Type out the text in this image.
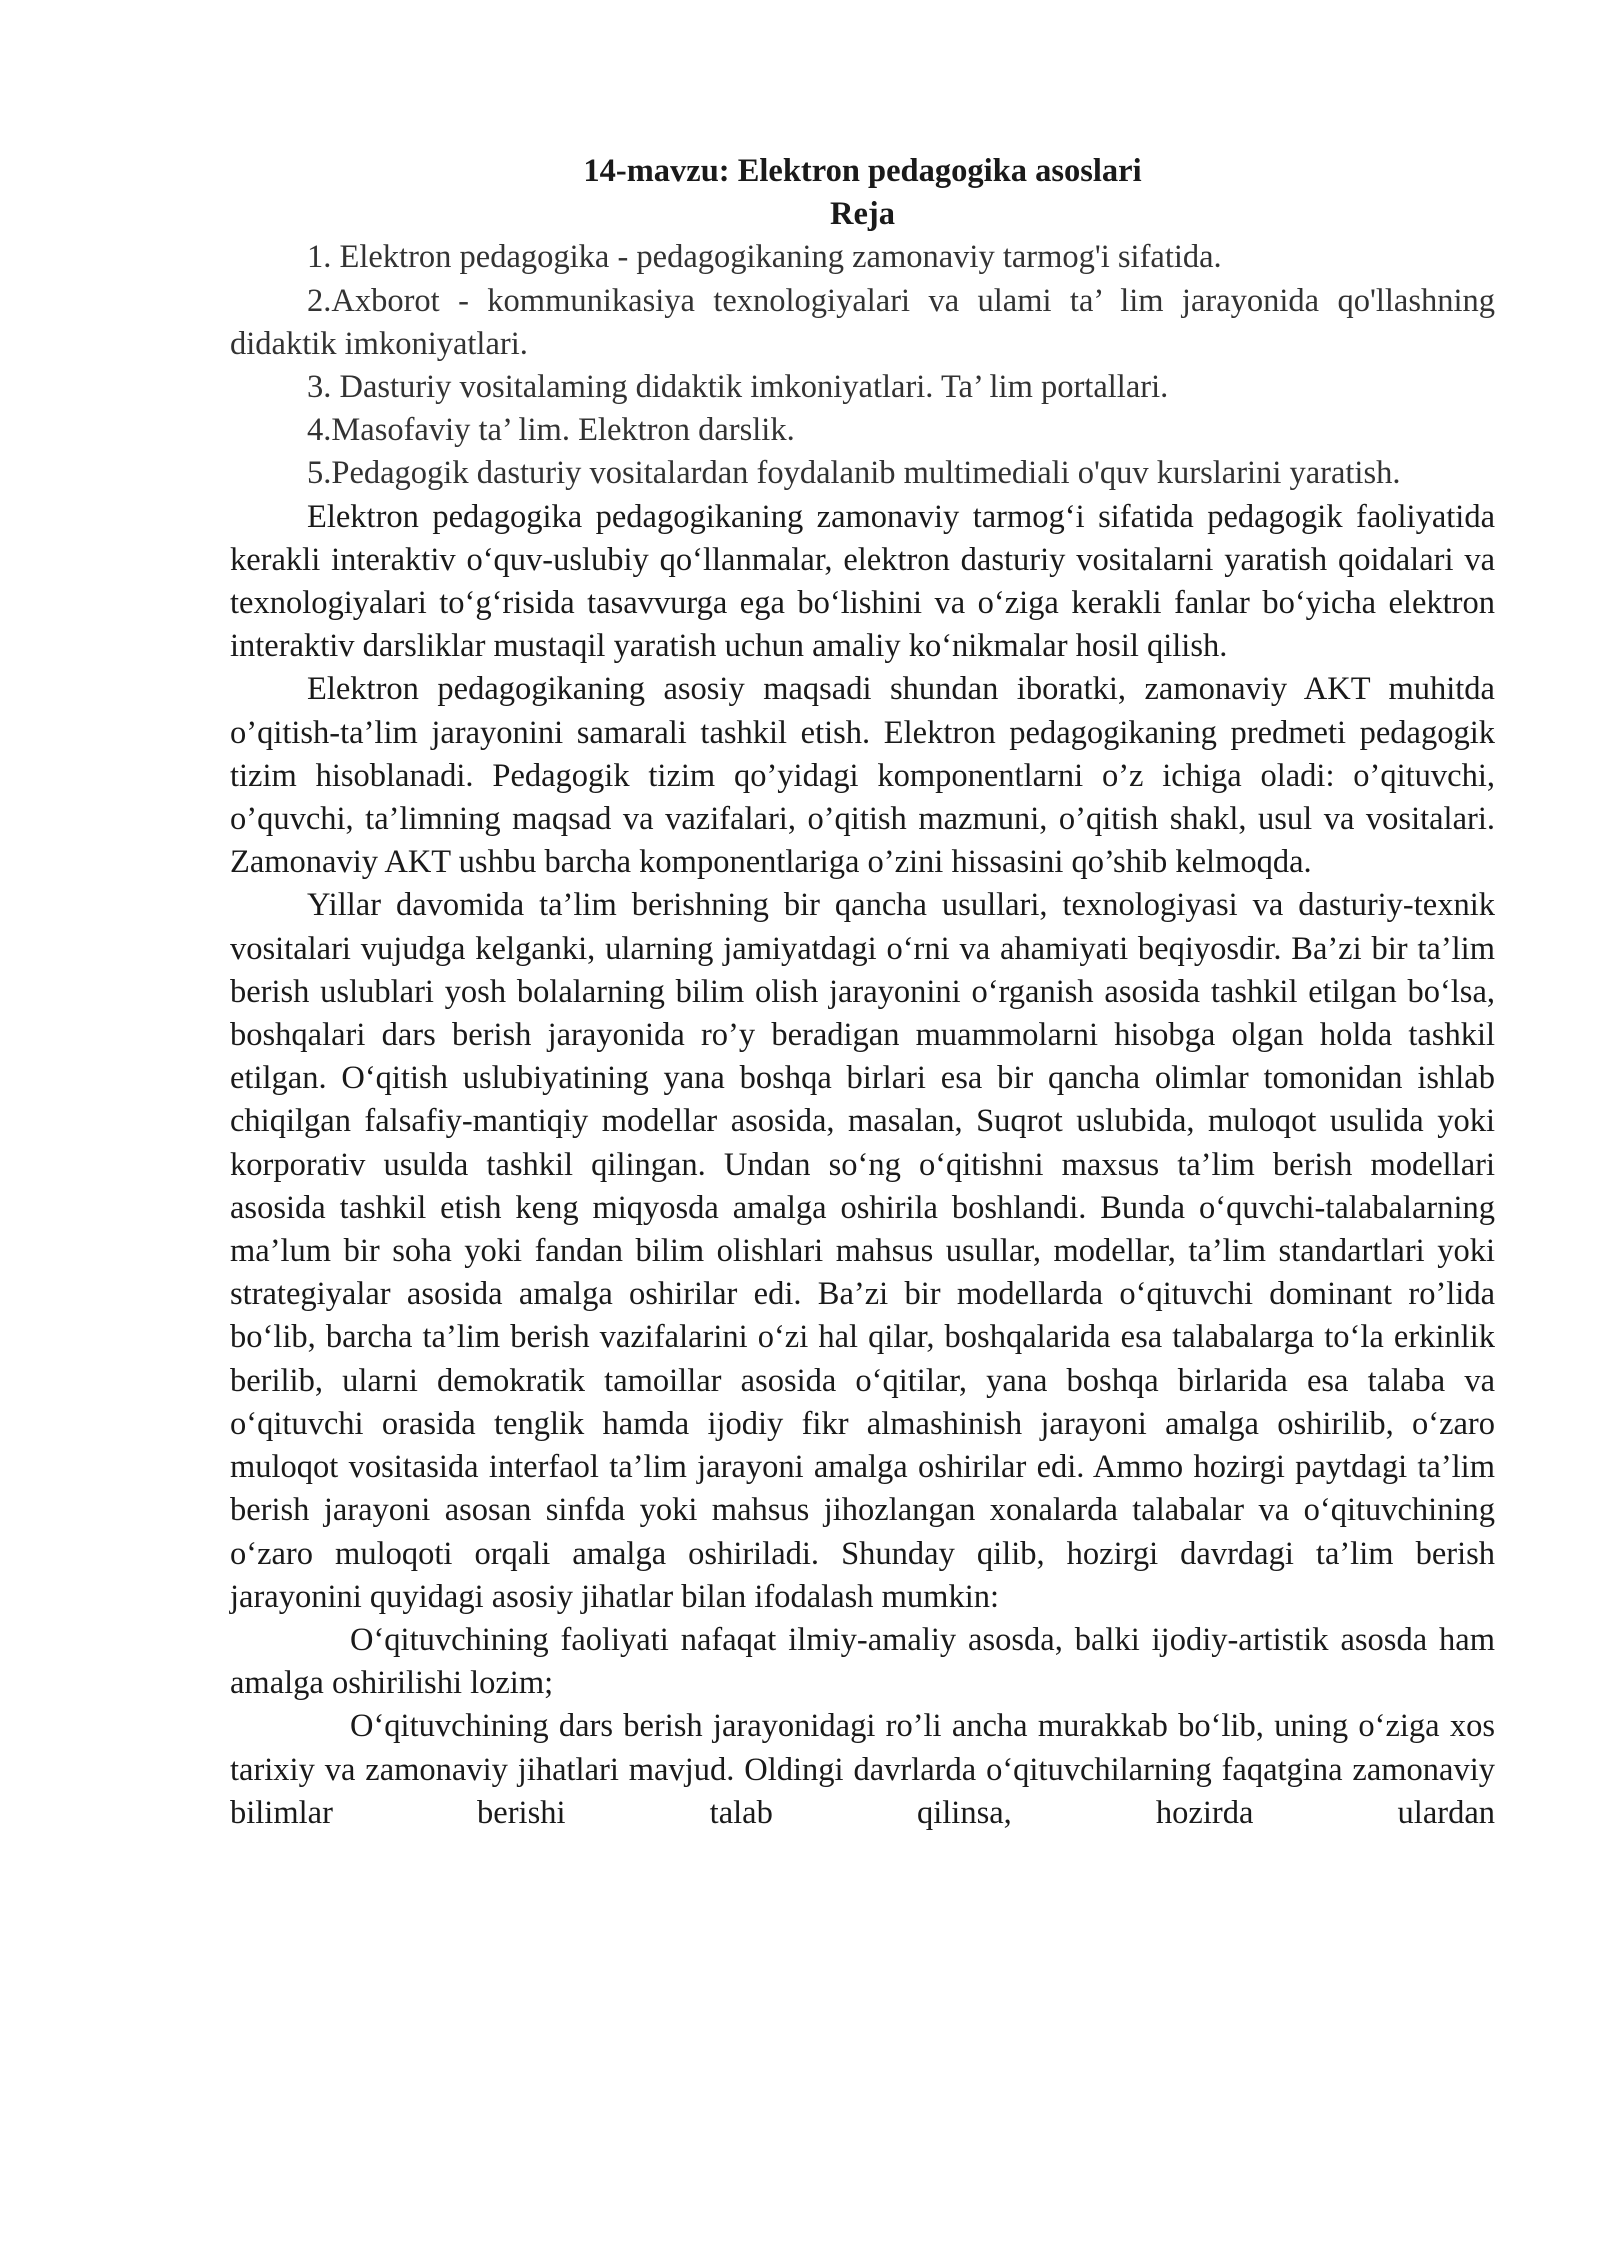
14-mavzu: Elektron pedagogika asoslari

Reja

1. Elektron pedagogika - pedagogikaning zamonaviy tarmog'i sifatida.

2.Axborot - kommunikasiya texnologiyalari va ulami ta’ lim jarayonida qo'llashning didaktik imkoniyatlari.

3. Dasturiy vositalaming didaktik imkoniyatlari. Ta’ lim portallari.

4.Masofaviy ta’ lim. Elektron darslik.

5.Pedagogik dasturiy vositalardan foydalanib multimediali o'quv kurslarini yaratish.

Elektron pedagogika pedagogikaning zamonaviy tarmog‘i sifatida pedagogik faoliyatida kerakli interaktiv o‘quv-uslubiy qo‘llanmalar, elektron dasturiy vositalarni yaratish qoidalari va texnologiyalari to‘g‘risida tasavvurga ega bo‘lishini va o‘ziga kerakli fanlar bo‘yicha elektron interaktiv darsliklar mustaqil yaratish uchun amaliy ko‘nikmalar hosil qilish.

Elektron pedagogikaning asosiy maqsadi shundan iboratki, zamonaviy AKT muhitda o’qitish-ta’lim jarayonini samarali tashkil etish. Elektron pedagogikaning predmeti pedagogik tizim hisoblanadi. Pedagogik tizim qo’yidagi komponentlarni o’z ichiga oladi: o’qituvchi, o’quvchi, ta’limning maqsad va vazifalari, o’qitish mazmuni, o’qitish shakl, usul va vositalari. Zamonaviy AKT ushbu barcha komponentlariga o’zini hissasini qo’shib kelmoqda.

Yillar davomida ta’lim berishning bir qancha usullari, texnologiyasi va dasturiy-texnik vositalari vujudga kelganki, ularning jamiyatdagi o‘rni va ahamiyati beqiyosdir. Ba’zi bir ta’lim berish uslublari yosh bolalarning bilim olish jarayonini o‘rganish asosida tashkil etilgan bo‘lsa, boshqalari dars berish jarayonida ro’y beradigan muammolarni hisobga olgan holda tashkil etilgan. O‘qitish uslubiyatining yana boshqa birlari esa bir qancha olimlar tomonidan ishlab chiqilgan falsafiy-mantiqiy modellar asosida, masalan, Suqrot uslubida, muloqot usulida yoki korporativ usulda tashkil qilingan. Undan so‘ng o‘qitishni maxsus ta’lim berish modellari asosida tashkil etish keng miqyosda amalga oshirila boshlandi. Bunda o‘quvchi-talabalarning ma’lum bir soha yoki fandan bilim olishlari mahsus usullar, modellar, ta’lim standartlari yoki strategiyalar asosida amalga oshirilar edi. Ba’zi bir modellarda o‘qituvchi dominant ro’lida bo‘lib, barcha ta’lim berish vazifalarini o‘zi hal qilar, boshqalarida esa talabalarga to‘la erkinlik berilib, ularni demokratik tamoillar asosida o‘qitilar, yana boshqa birlarida esa talaba va o‘qituvchi orasida tenglik hamda ijodiy fikr almashinish jarayoni amalga oshirilib, o‘zaro muloqot vositasida interfaol ta’lim jarayoni amalga oshirilar edi. Ammo hozirgi paytdagi ta’lim berish jarayoni asosan sinfda yoki mahsus jihozlangan xonalarda talabalar va o‘qituvchining o‘zaro muloqoti orqali amalga oshiriladi. Shunday qilib, hozirgi davrdagi ta’lim berish jarayonini quyidagi asosiy jihatlar bilan ifodalash mumkin:

O‘qituvchining faoliyati nafaqat ilmiy-amaliy asosda, balki ijodiy-artistik asosda ham amalga oshirilishi lozim;

O‘qituvchining dars berish jarayonidagi ro’li ancha murakkab bo‘lib, uning o‘ziga xos tarixiy va zamonaviy jihatlari mavjud. Oldingi davrlarda o‘qituvchilarning faqatgina zamonaviy bilimlar berishi talab qilinsa, hozirda ulardan
